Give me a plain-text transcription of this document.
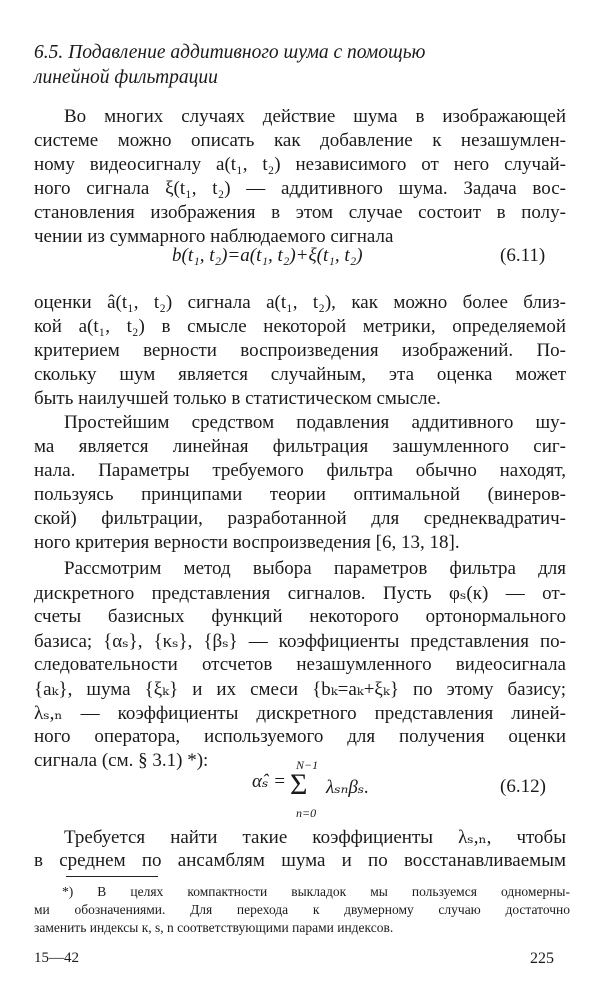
6.5. Подавление аддитивного шума с помощью
линейной фильтрации
Во многих случаях действие шума в изображающей
системе можно описать как добавление к незашумлен-
ному видеосигналу a(t₁, t₂) независимого от него случай-
ного сигнала ξ(t₁, t₂) — аддитивного шума. Задача вос-
становления изображения в этом случае состоит в полу-
чении из суммарного наблюдаемого сигнала
b(t₁, t₂)=a(t₁, t₂)+ξ(t₁, t₂)	(6.11)
оценки â(t₁, t₂) сигнала a(t₁, t₂), как можно более близ-
кой a(t₁, t₂) в смысле некоторой метрики, определяемой
критерием верности воспроизведения изображений. По-
скольку шум является случайным, эта оценка может
быть наилучшей только в статистическом смысле.
Простейшим средством подавления аддитивного шу-
ма является линейная фильтрация зашумленного сиг-
нала. Параметры требуемого фильтра обычно находят,
пользуясь принципами теории оптимальной (винеров-
ской) фильтрации, разработанной для среднеквадратич-
ного критерия верности воспроизведения [6, 13, 18].
Рассмотрим метод выбора параметров фильтра для
дискретного представления сигналов. Пусть φₛ(к) — от-
счеты базисных функций некоторого ортонормального
базиса; {αₛ}, {κₛ}, {βₛ} — коэффициенты представления по-
следовательности отсчетов незашумленного видеосигнала
{aₖ}, шума {ξₖ} и их смеси {bₖ=aₖ+ξₖ} по этому базису;
λₛ,ₙ — коэффициенты дискретного представления линей-
ного оператора, используемого для получения оценки
сигнала (см. § 3.1) *):
α̂ₛ =
N−1
Σ
n=0
λₛₙβₛ.	(6.12)
Требуется найти такие коэффициенты λₛ,ₙ, чтобы
в среднем по ансамблям шума и по восстанавливаемым
*) В целях компактности выкладок мы пользуемся одномерны-
ми обозначениями. Для перехода к двумерному случаю достаточно
заменить индексы к, s, n соответствующими парами индексов.
15—42	225
